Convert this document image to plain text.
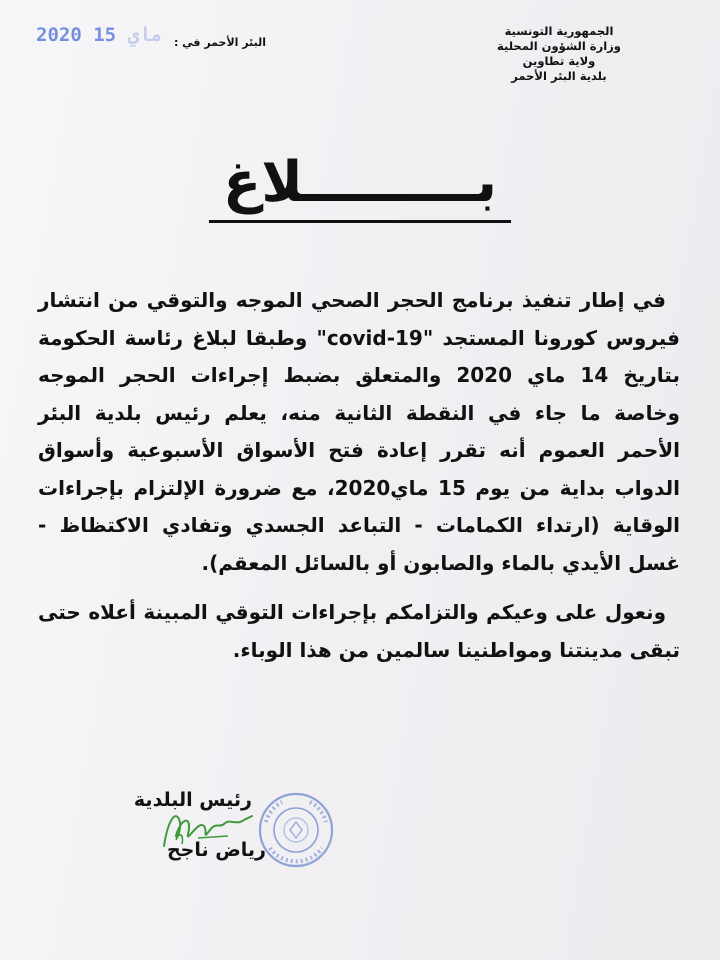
الجمهورية التونسية
وزارة الشؤون المحلية
ولاية تطاوين
بلدية البئر الأحمر
2020 ماي 15	البئر الأحمر في :
بـــــــــلاغ

في إطار تنفيذ برنامج الحجر الصحي الموجه والتوقي من انتشار فيروس كورونا المستجد "covid-19" وطبقا لبلاغ رئاسة الحكومة بتاريخ 14 ماي 2020 والمتعلق بضبط إجراءات الحجر الموجه وخاصة ما جاء في النقطة الثانية منه، يعلم رئيس بلدية البئر الأحمر العموم أنه تقرر إعادة فتح الأسواق الأسبوعية وأسواق الدواب بداية من يوم 15 ماي2020، مع ضرورة الإلتزام بإجراءات الوقاية (ارتداء الكمامات - التباعد الجسدي وتفادي الاكتظاظ - غسل الأيدي بالماء والصابون أو بالسائل المعقم).

ونعول على وعيكم والتزامكم بإجراءات التوقي المبينة أعلاه حتى تبقى مدينتنا ومواطنينا سالمين من هذا الوباء.

رئيس البلدية
رياض ناجح
